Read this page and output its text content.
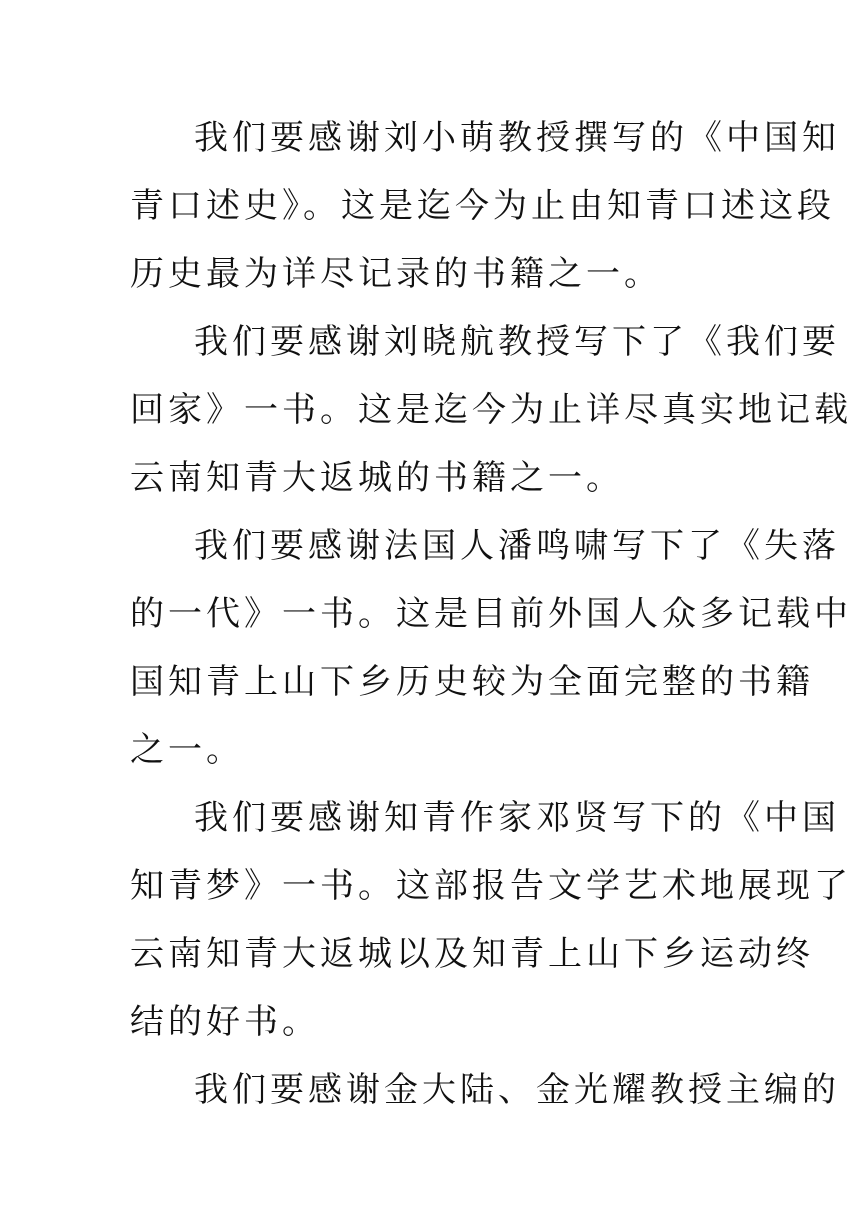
我们要感谢刘小萌教授撰写的《中国知
青口述史》。这是迄今为止由知青口述这段
历史最为详尽记录的书籍之一。
我们要感谢刘晓航教授写下了《我们要
回家》一书。这是迄今为止详尽真实地记载
云南知青大返城的书籍之一。
我们要感谢法国人潘鸣啸写下了《失落
的一代》一书。这是目前外国人众多记载中
国知青上山下乡历史较为全面完整的书籍
之一。
我们要感谢知青作家邓贤写下的《中国
知青梦》一书。这部报告文学艺术地展现了
云南知青大返城以及知青上山下乡运动终
结的好书。
我们要感谢金大陆、金光耀教授主编的
